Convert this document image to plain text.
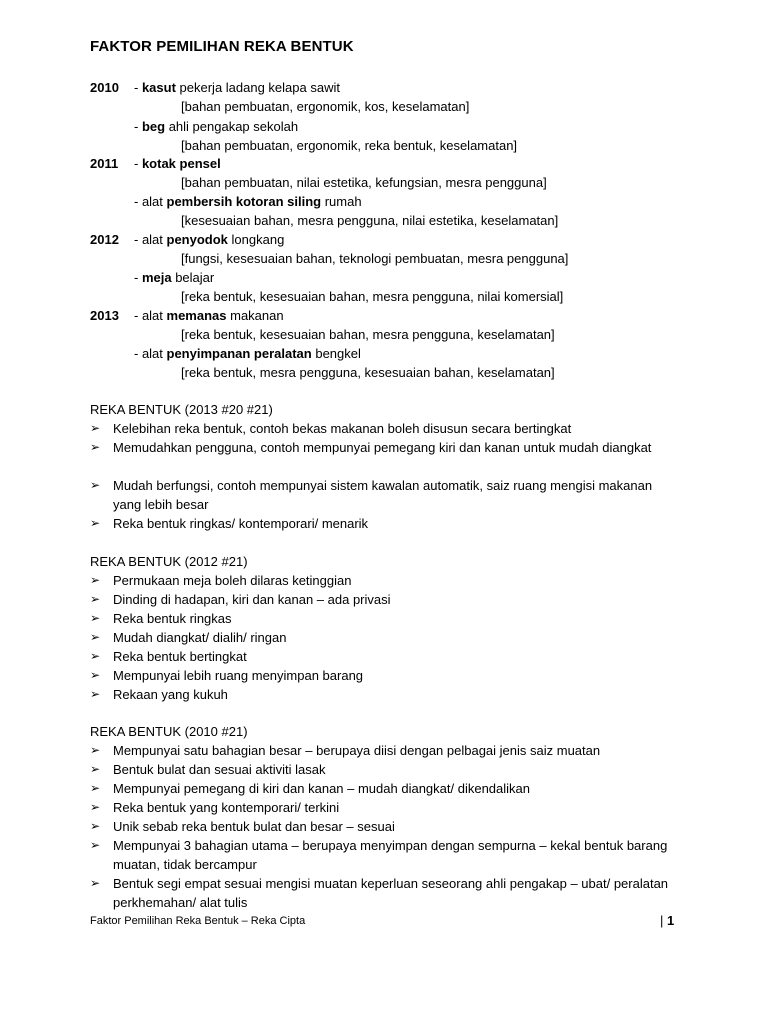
FAKTOR PEMILIHAN REKA BENTUK
2010 - kasut pekerja ladang kelapa sawit
[bahan pembuatan, ergonomik, kos, keselamatan]
- beg ahli pengakap sekolah
[bahan pembuatan, ergonomik, reka bentuk, keselamatan]
2011 - kotak pensel
[bahan pembuatan, nilai estetika, kefungsian, mesra pengguna]
- alat pembersih kotoran siling rumah
[kesesuaian bahan, mesra pengguna, nilai estetika, keselamatan]
2012 - alat penyodok longkang
[fungsi, kesesuaian bahan, teknologi pembuatan, mesra pengguna]
- meja belajar
[reka bentuk, kesesuaian bahan, mesra pengguna, nilai komersial]
2013 - alat memanas makanan
[reka bentuk, kesesuaian bahan, mesra pengguna, keselamatan]
- alat penyimpanan peralatan bengkel
[reka bentuk, mesra pengguna, kesesuaian bahan, keselamatan]
REKA BENTUK (2013 #20 #21)
➢ Kelebihan reka bentuk, contoh bekas makanan boleh disusun secara bertingkat
➢ Memudahkan pengguna, contoh mempunyai pemegang kiri dan kanan untuk mudah diangkat
➢ Mudah berfungsi, contoh mempunyai sistem kawalan automatik, saiz ruang mengisi makanan yang lebih besar
➢ Reka bentuk ringkas/ kontemporari/ menarik
REKA BENTUK (2012 #21)
➢ Permukaan meja boleh dilaras ketinggian
➢ Dinding di hadapan, kiri dan kanan – ada privasi
➢ Reka bentuk ringkas
➢ Mudah diangkat/ dialih/ ringan
➢ Reka bentuk bertingkat
➢ Mempunyai lebih ruang menyimpan barang
➢ Rekaan yang kukuh
REKA BENTUK (2010 #21)
➢ Mempunyai satu bahagian besar – berupaya diisi dengan pelbagai jenis saiz muatan
➢ Bentuk bulat dan sesuai aktiviti lasak
➢ Mempunyai pemegang di kiri dan kanan – mudah diangkat/ dikendalikan
➢ Reka bentuk yang kontemporari/ terkini
➢ Unik sebab reka bentuk bulat dan besar – sesuai
➢ Mempunyai 3 bahagian utama – berupaya menyimpan dengan sempurna – kekal bentuk barang muatan, tidak bercampur
➢ Bentuk segi empat sesuai mengisi muatan keperluan seseorang ahli pengakap – ubat/ peralatan perkhemahan/ alat tulis
Faktor Pemilihan Reka Bentuk – Reka Cipta	| 1
